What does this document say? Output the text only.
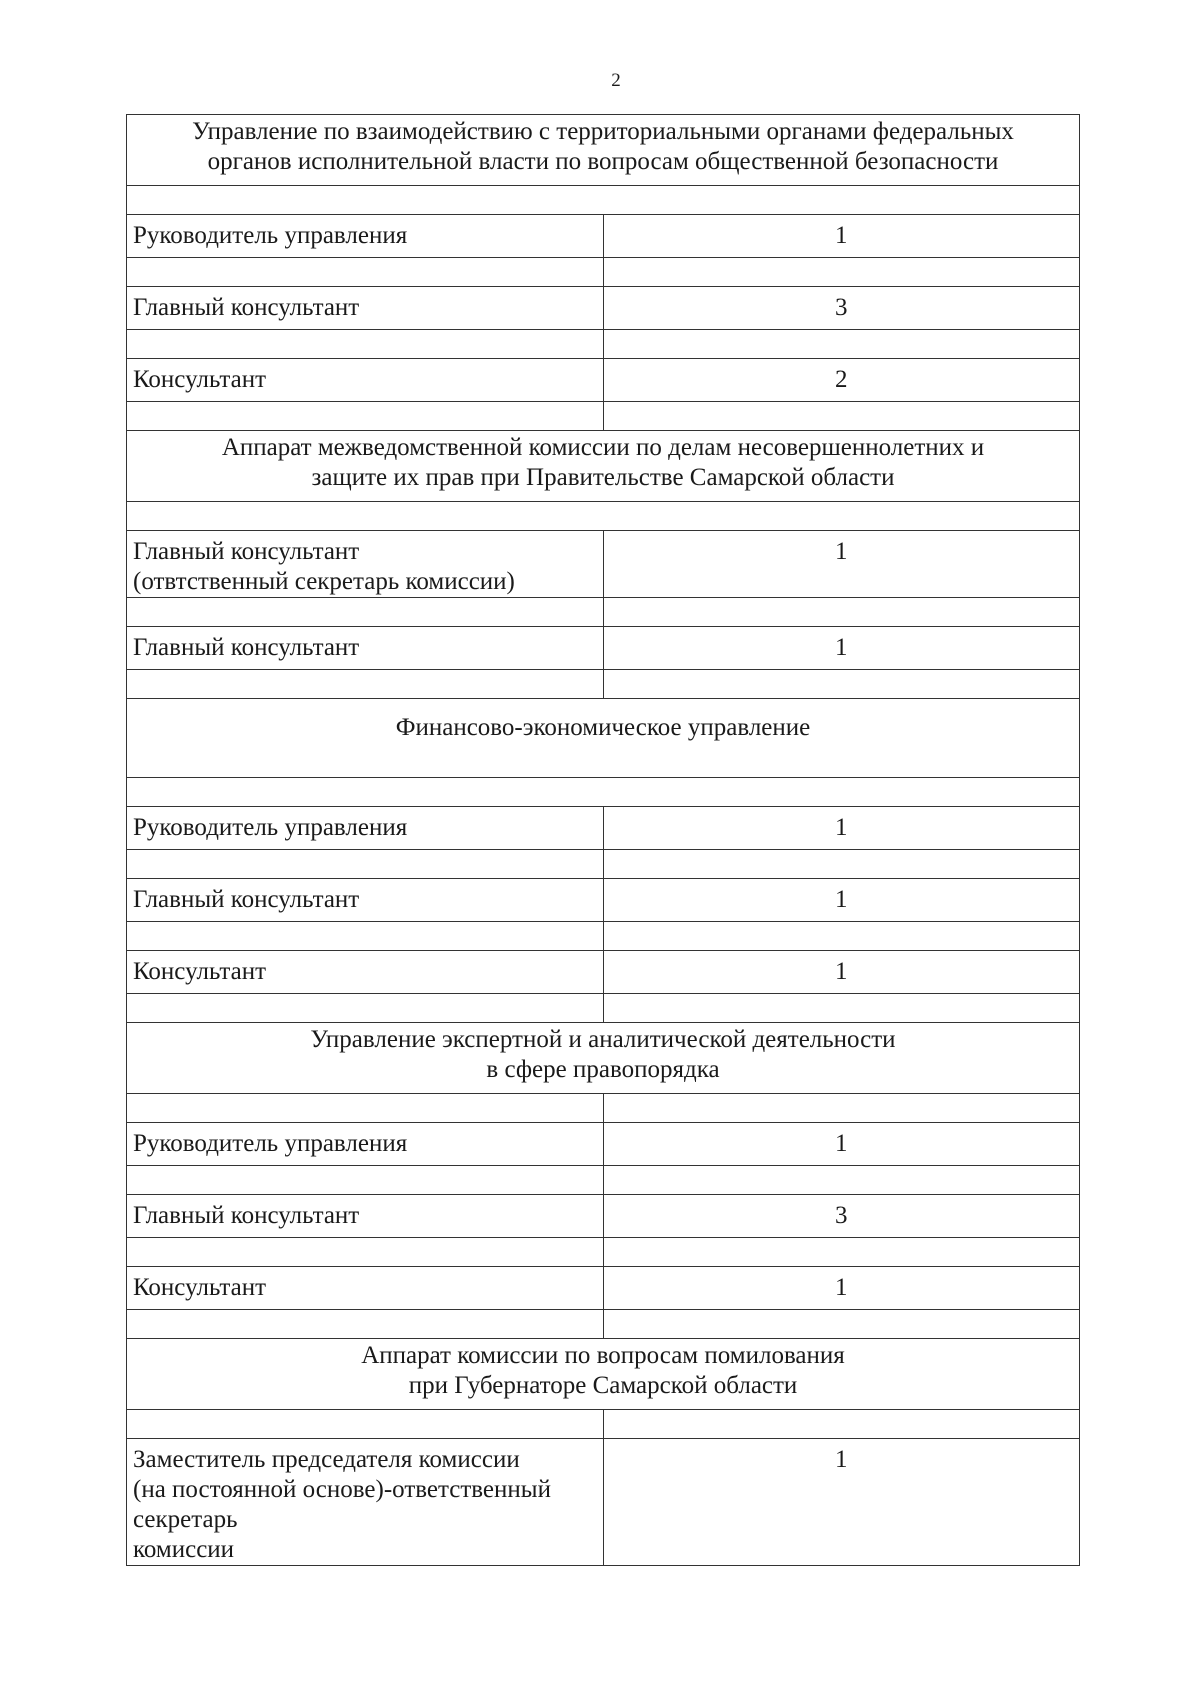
2
Управление по взаимодействию с территориальными органами федеральных
органов исполнительной власти по вопросам общественной безопасности	

Руководитель управления	1

Главный консультант	3

Консультант	2

Аппарат межведомственной комиссии по делам несовершеннолетних и
защите их прав при Правительстве Самарской области	

Главный консультант
(отвтственный секретарь комиссии)	1

Главный консультант	1

Финансово-экономическое управление	

Руководитель управления	1

Главный консультант	1

Консультант	1

Управление экспертной и аналитической деятельности
в сфере правопорядка	

Руководитель управления	1

Главный консультант	3

Консультант	1

Аппарат комиссии по вопросам помилования
при Губернаторе Самарской области	

Заместитель председателя комиссии
(на постоянной основе)-ответственный секретарь
комиссии	1
